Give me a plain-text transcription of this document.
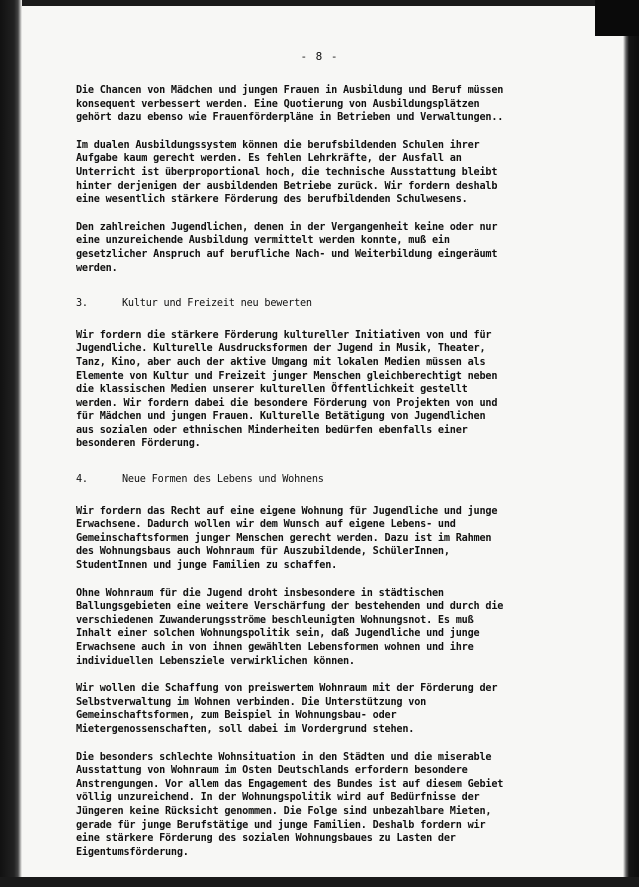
- 8 -
Die Chancen von Mädchen und jungen Frauen in Ausbildung und Beruf müssen
konsequent verbessert werden. Eine Quotierung von Ausbildungsplätzen
gehört dazu ebenso wie Frauenförderpläne in Betrieben und Verwaltungen..
Im dualen Ausbildungssystem können die berufsbildenden Schulen ihrer
Aufgabe kaum gerecht werden. Es fehlen Lehrkräfte, der Ausfall an
Unterricht ist überproportional hoch, die technische Ausstattung bleibt
hinter derjenigen der ausbildenden Betriebe zurück. Wir fordern deshalb
eine wesentlich stärkere Förderung des berufbildenden Schulwesens.
Den zahlreichen Jugendlichen, denen in der Vergangenheit keine oder nur
eine unzureichende Ausbildung vermittelt werden konnte, muß ein
gesetzlicher Anspruch auf berufliche Nach- und Weiterbildung eingeräumt
werden.
3.	Kultur und Freizeit neu bewerten
Wir fordern die stärkere Förderung kultureller Initiativen von und für
Jugendliche. Kulturelle Ausdrucksformen der Jugend in Musik, Theater,
Tanz, Kino, aber auch der aktive Umgang mit lokalen Medien müssen als
Elemente von Kultur und Freizeit junger Menschen gleichberechtigt neben
die klassischen Medien unserer kulturellen Öffentlichkeit gestellt
werden. Wir fordern dabei die besondere Förderung von Projekten von und
für Mädchen und jungen Frauen. Kulturelle Betätigung von Jugendlichen
aus sozialen oder ethnischen Minderheiten bedürfen ebenfalls einer
besonderen Förderung.
4.	Neue Formen des Lebens und Wohnens
Wir fordern das Recht auf eine eigene Wohnung für Jugendliche und junge
Erwachsene. Dadurch wollen wir dem Wunsch auf eigene Lebens- und
Gemeinschaftsformen junger Menschen gerecht werden. Dazu ist im Rahmen
des Wohnungsbaus auch Wohnraum für Auszubildende, SchülerInnen,
StudentInnen und junge Familien zu schaffen.
Ohne Wohnraum für die Jugend droht insbesondere in städtischen
Ballungsgebieten eine weitere Verschärfung der bestehenden und durch die
verschiedenen Zuwanderungsströme beschleunigten Wohnungsnot. Es muß
Inhalt einer solchen Wohnungspolitik sein, daß Jugendliche und junge
Erwachsene auch in von ihnen gewählten Lebensformen wohnen und ihre
individuellen Lebensziele verwirklichen können.
Wir wollen die Schaffung von preiswertem Wohnraum mit der Förderung der
Selbstverwaltung im Wohnen verbinden. Die Unterstützung von
Gemeinschaftsformen, zum Beispiel in Wohnungsbau- oder
Mietergenossenschaften, soll dabei im Vordergrund stehen.
Die besonders schlechte Wohnsituation in den Städten und die miserable
Ausstattung von Wohnraum im Osten Deutschlands erfordern besondere
Anstrengungen. Vor allem das Engagement des Bundes ist auf diesem Gebiet
völlig unzureichend. In der Wohnungspolitik wird auf Bedürfnisse der
Jüngeren keine Rücksicht genommen. Die Folge sind unbezahlbare Mieten,
gerade für junge Berufstätige und junge Familien. Deshalb fordern wir
eine stärkere Förderung des sozialen Wohnungsbaues zu Lasten der
Eigentumsförderung.
